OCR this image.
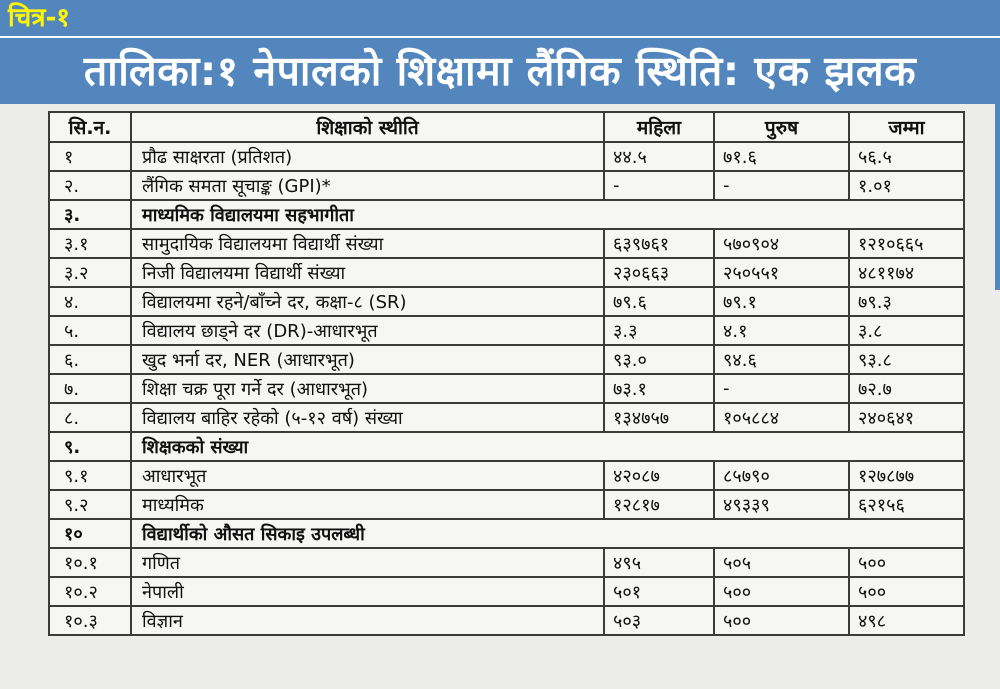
चित्र-१
तालिका:१ नेपालको शिक्षामा लैंगिक स्थिति: एक झलक
सि.न.	शिक्षाको स्थीति	महिला	पुरुष	जम्मा
१	प्रौढ साक्षरता (प्रतिशत)	४४.५	७१.६	५६.५
२.	लैंगिक समता सूचाङ्क (GPI)*	-	-	१.०१
३.	माध्यमिक विद्यालयमा सहभागीता			
३.१	सामुदायिक विद्यालयमा विद्यार्थी संख्या	६३९७६१	५७०९०४	१२१०६६५
३.२	निजी विद्यालयमा विद्यार्थी संख्या	२३०६६३	२५०५५१	४८११७४
४.	विद्यालयमा रहने/बाँच्ने दर, कक्षा-८ (SR)	७९.६	७९.१	७९.३
५.	विद्यालय छाड्ने दर (DR)-आधारभूत	३.३	४.१	३.८
६.	खुद भर्ना दर, NER (आधारभूत)	९३.०	९४.६	९३.८
७.	शिक्षा चक्र पूरा गर्ने दर (आधारभूत)	७३.१	-	७२.७
८.	विद्यालय बाहिर रहेको (५-१२ वर्ष) संख्या	१३४७५७	१०५८८४	२४०६४१
९.	शिक्षकको संख्या			
९.१	आधारभूत	४२०८७	८५७९०	१२७८७७
९.२	माध्यमिक	१२८१७	४९३३९	६२१५६
१०	विद्यार्थीको औसत सिकाइ उपलब्धी			
१०.१	गणित	४९५	५०५	५००
१०.२	नेपाली	५०१	५००	५००
१०.३	विज्ञान	५०३	५००	४९८
